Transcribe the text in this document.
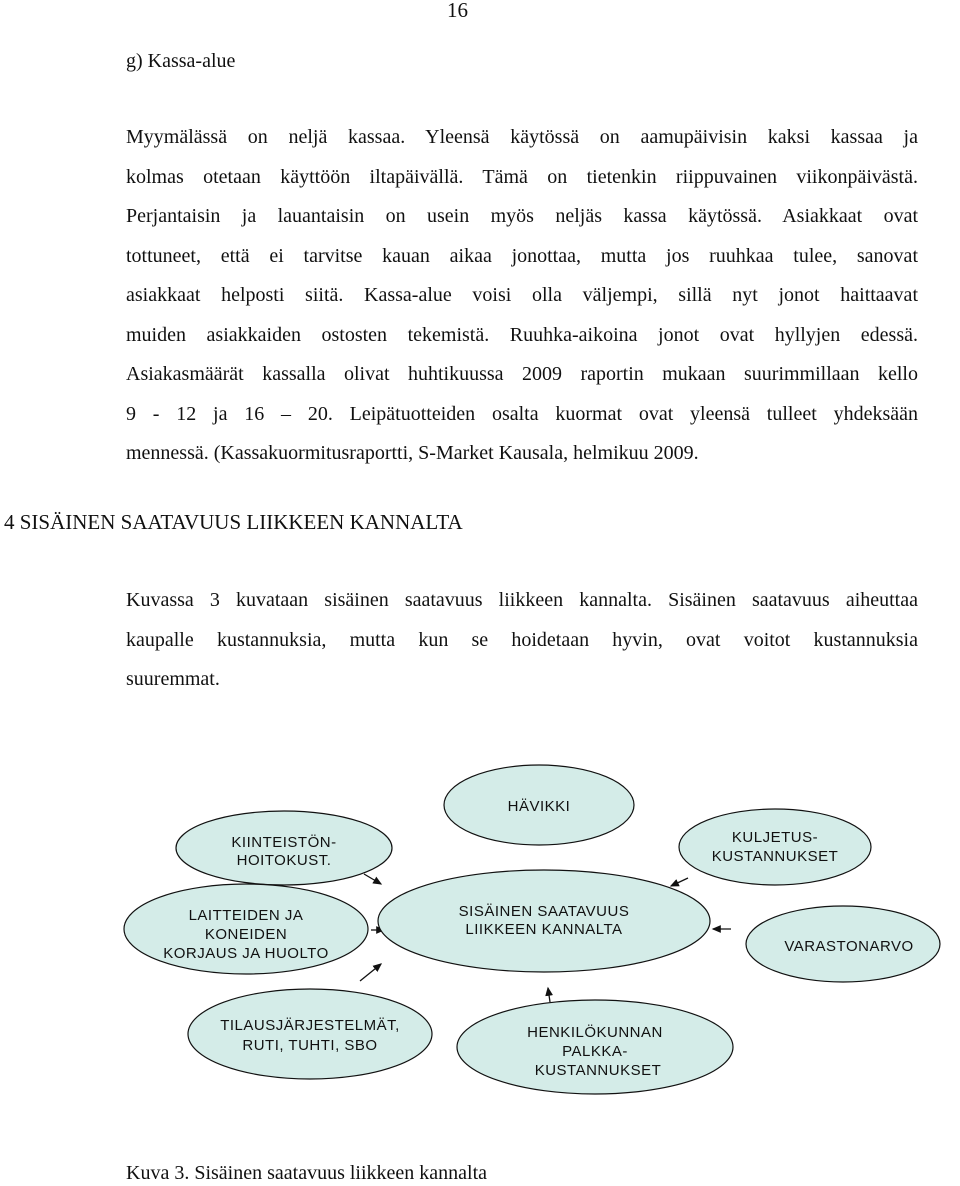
16
g) Kassa-alue
Myymälässä on neljä kassaa. Yleensä käytössä on aamupäivisin kaksi kassaa ja
kolmas otetaan käyttöön iltapäivällä. Tämä on tietenkin riippuvainen viikonpäivästä.
Perjantaisin ja lauantaisin on usein myös neljäs kassa käytössä. Asiakkaat ovat
tottuneet, että ei tarvitse kauan aikaa jonottaa, mutta jos ruuhkaa tulee, sanovat
asiakkaat helposti siitä. Kassa-alue voisi olla väljempi, sillä nyt jonot haittaavat
muiden asiakkaiden ostosten tekemistä. Ruuhka-aikoina jonot ovat hyllyjen edessä.
Asiakasmäärät kassalla olivat huhtikuussa 2009 raportin mukaan suurimmillaan kello
9 - 12 ja 16 – 20. Leipätuotteiden osalta kuormat ovat yleensä tulleet yhdeksään
mennessä. (Kassakuormitusraportti, S-Market Kausala, helmikuu 2009.
4 SISÄINEN SAATAVUUS LIIKKEEN KANNALTA
Kuvassa 3 kuvataan sisäinen saatavuus liikkeen kannalta. Sisäinen saatavuus aiheuttaa
kaupalle kustannuksia, mutta kun se hoidetaan hyvin, ovat voitot kustannuksia
suuremmat.
HÄVIKKI
KIINTEISTÖN-
HOITOKUST.
KULJETUS-
KUSTANNUKSET
SISÄINEN SAATAVUUS
LIIKKEEN KANNALTA
LAITTEIDEN JA
KONEIDEN
KORJAUS JA HUOLTO	VARASTONARVO
TILAUSJÄRJESTELMÄT,
RUTI, TUHTI, SBO
HENKILÖKUNNAN
PALKKA-
KUSTANNUKSET
Kuva 3. Sisäinen saatavuus liikkeen kannalta
